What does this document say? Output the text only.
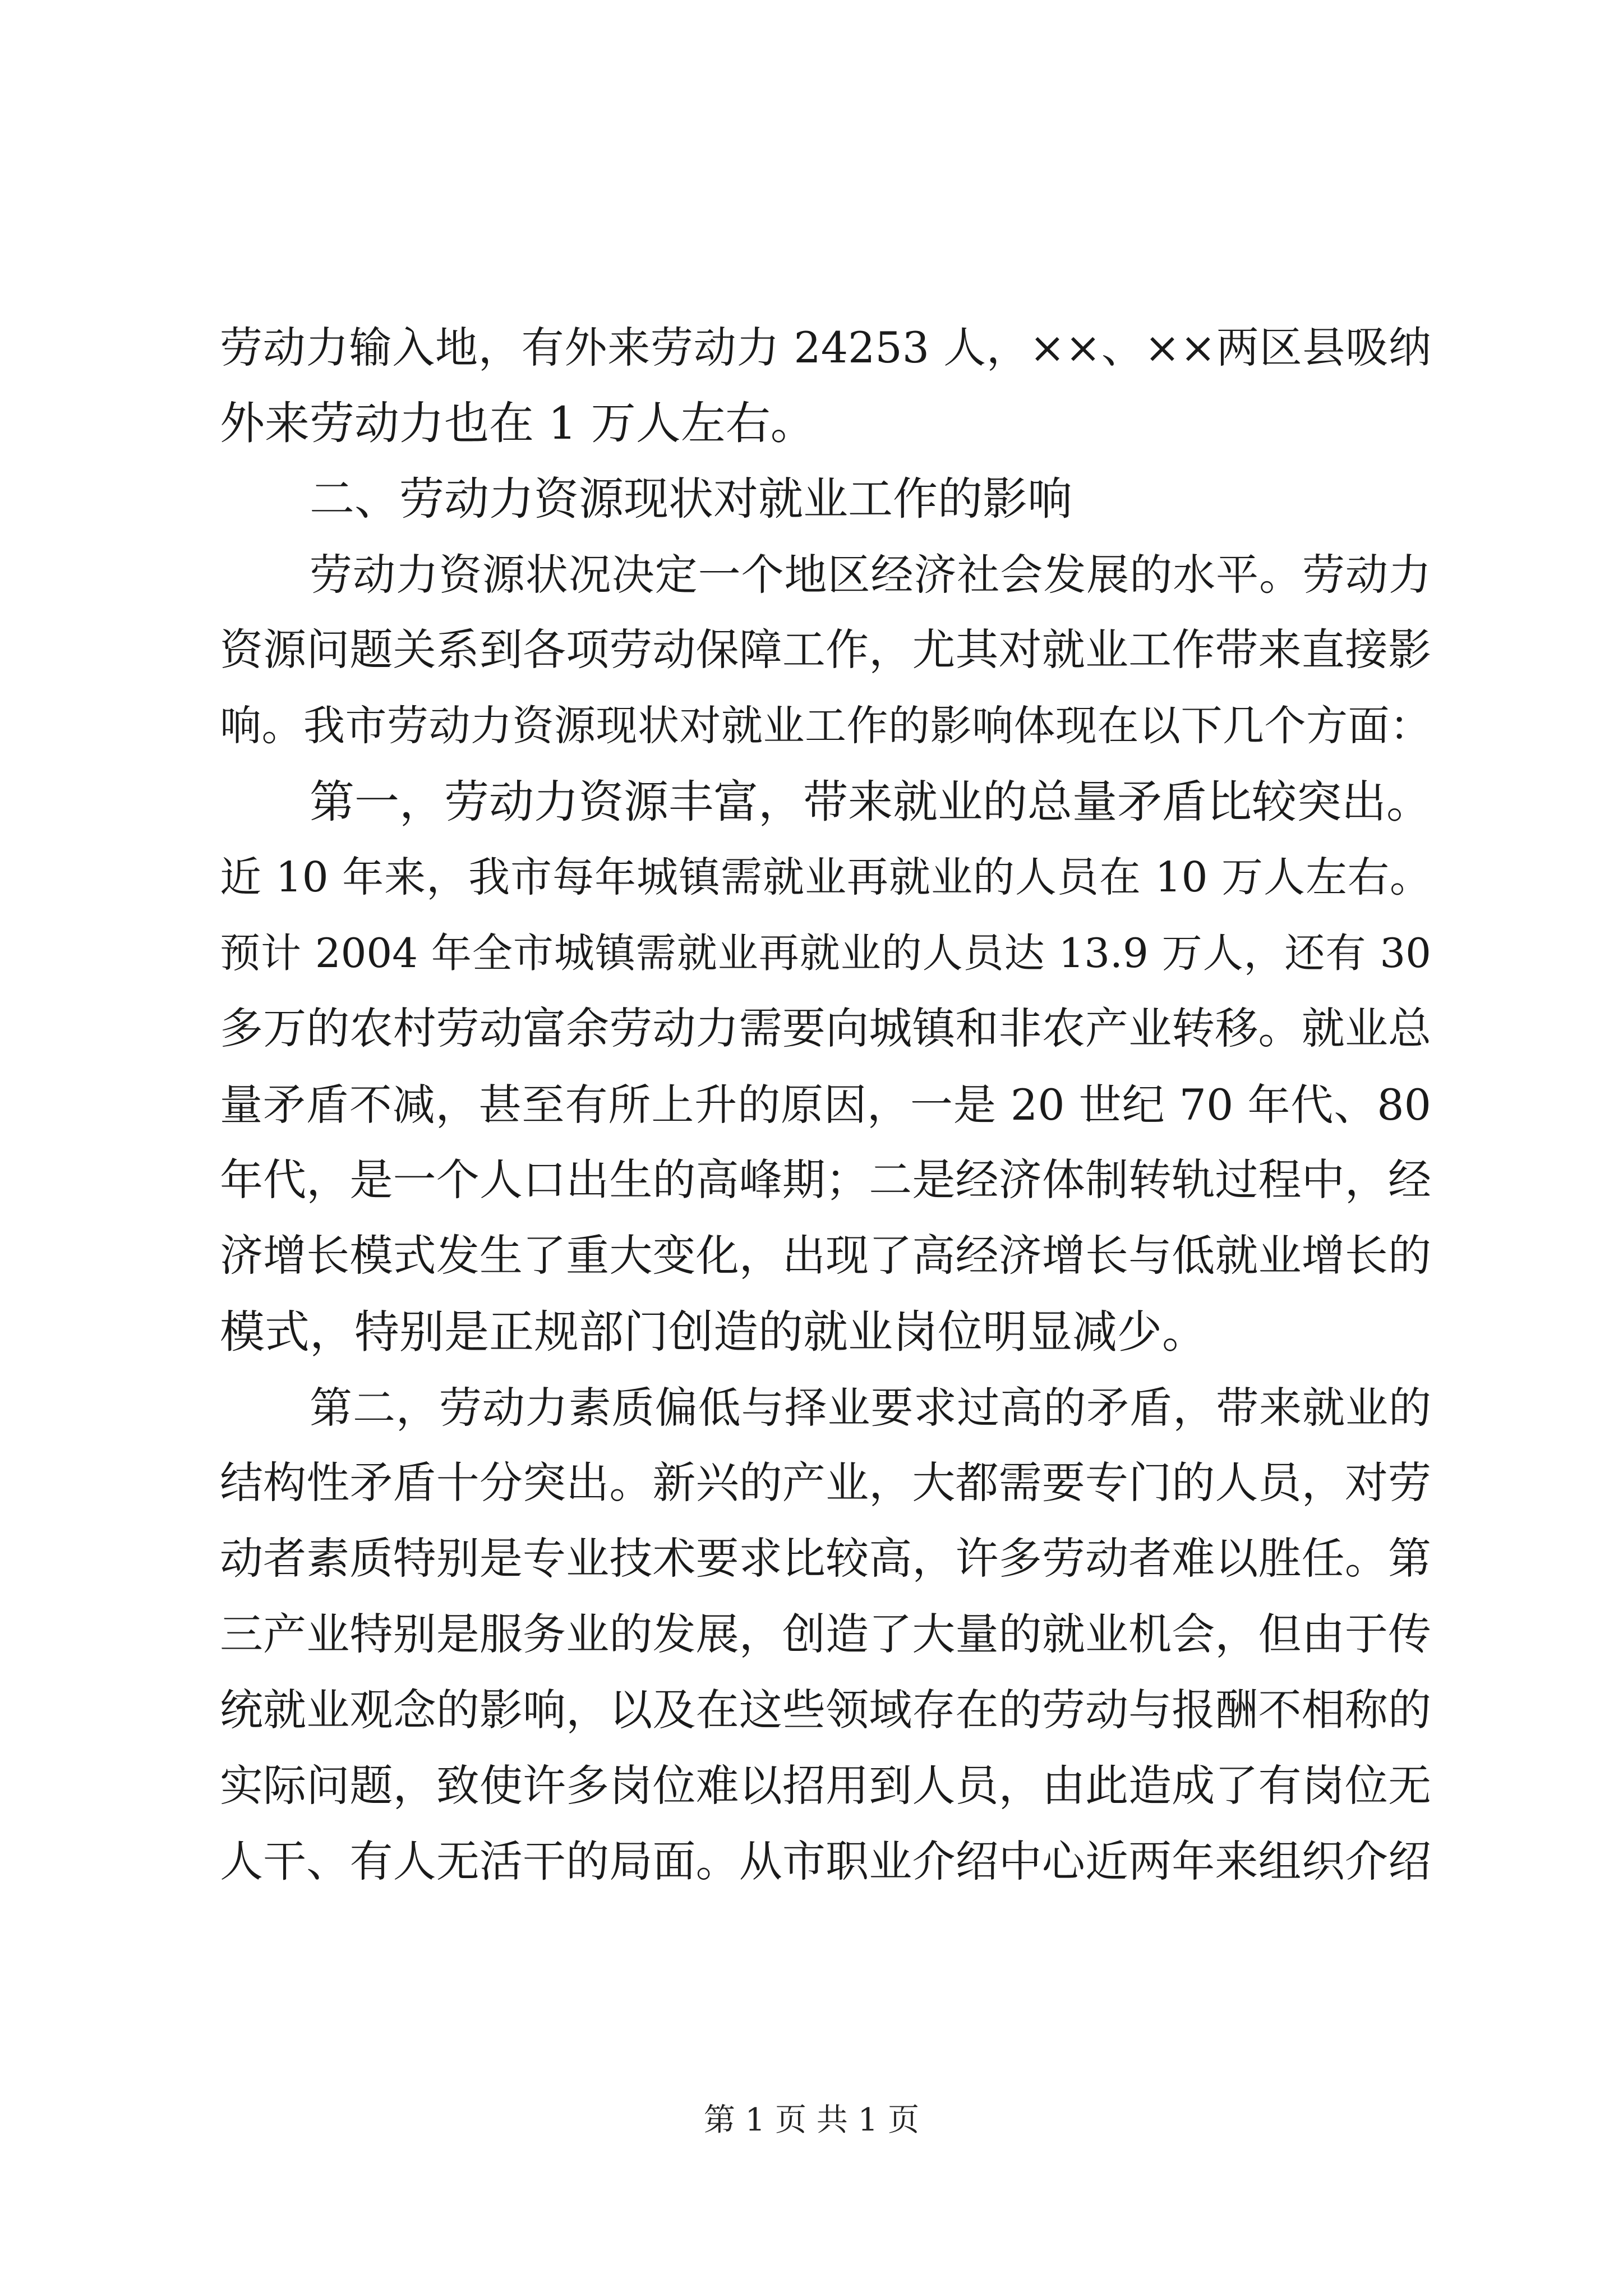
劳动力输入地，有外来劳动力 24253 人，××、××两区县吸纳
外来劳动力也在 1 万人左右。
二、劳动力资源现状对就业工作的影响
劳动力资源状况决定一个地区经济社会发展的水平。劳动力
资源问题关系到各项劳动保障工作，尤其对就业工作带来直接影
响。我市劳动力资源现状对就业工作的影响体现在以下几个方面：
第一，劳动力资源丰富，带来就业的总量矛盾比较突出。
近 10 年来，我市每年城镇需就业再就业的人员在 10 万人左右。
预计 2004 年全市城镇需就业再就业的人员达 13.9 万人，还有 30
多万的农村劳动富余劳动力需要向城镇和非农产业转移。就业总
量矛盾不减，甚至有所上升的原因，一是 20 世纪 70 年代、80
年代，是一个人口出生的高峰期；二是经济体制转轨过程中，经
济增长模式发生了重大变化，出现了高经济增长与低就业增长的
模式，特别是正规部门创造的就业岗位明显减少。
第二，劳动力素质偏低与择业要求过高的矛盾，带来就业的
结构性矛盾十分突出。新兴的产业，大都需要专门的人员，对劳
动者素质特别是专业技术要求比较高，许多劳动者难以胜任。第
三产业特别是服务业的发展，创造了大量的就业机会，但由于传
统就业观念的影响，以及在这些领域存在的劳动与报酬不相称的
实际问题，致使许多岗位难以招用到人员，由此造成了有岗位无
人干、有人无活干的局面。从市职业介绍中心近两年来组织介绍
第 1 页 共 1 页
